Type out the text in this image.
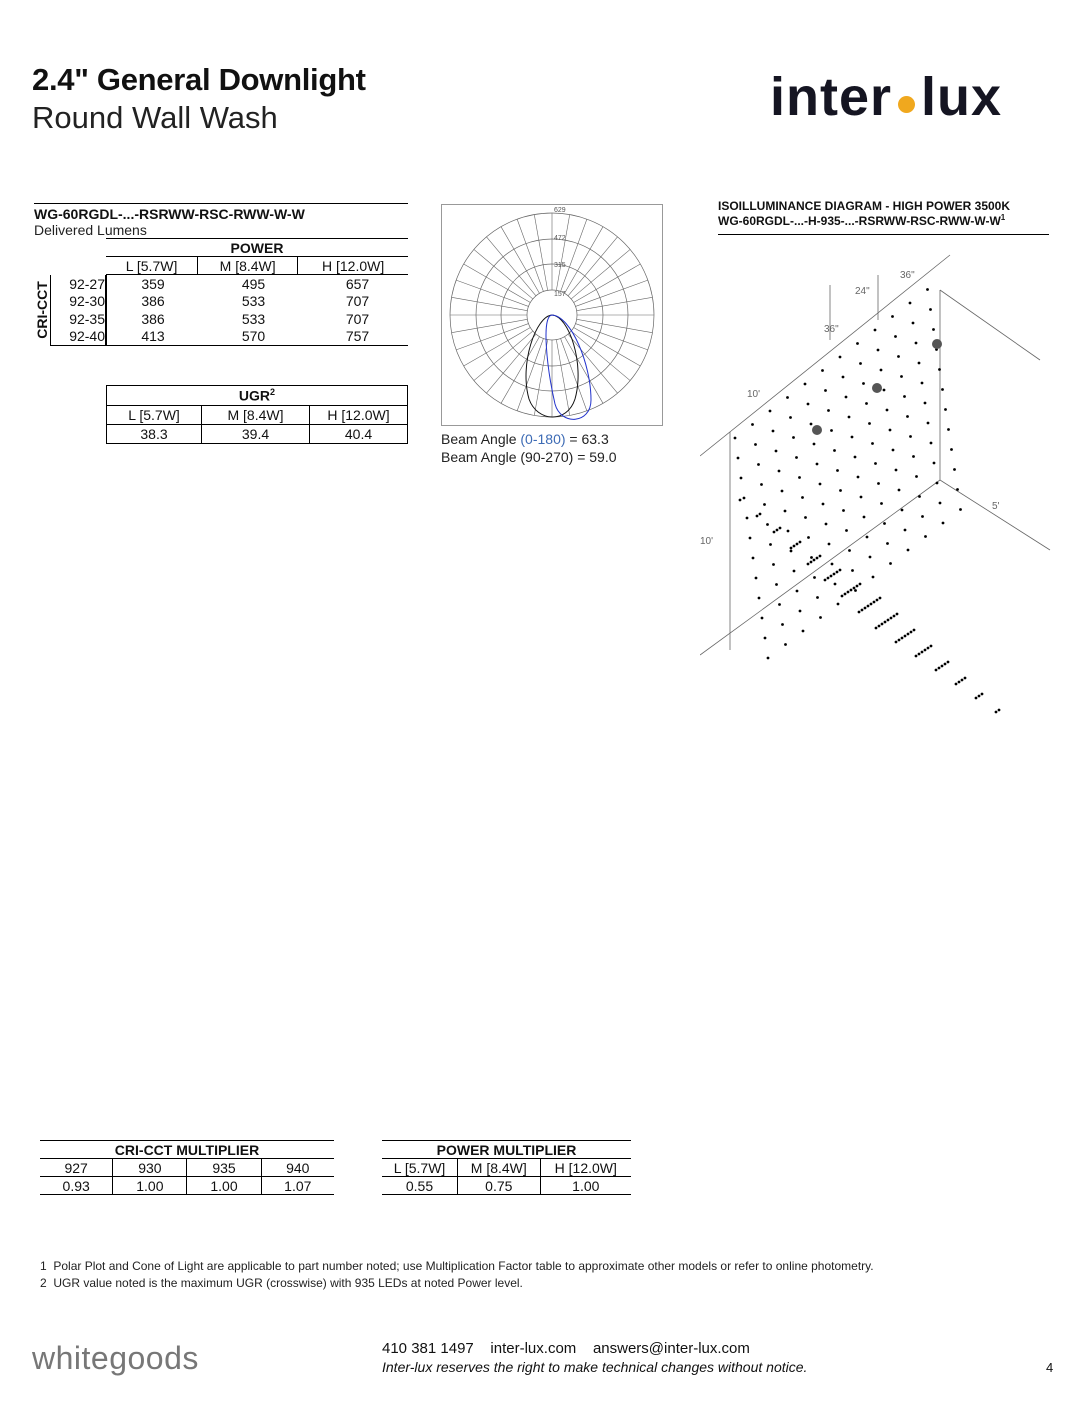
2.4" General Downlight
Round Wall Wash	inter lux
WG-60RGDL-...-RSRWW-RSC-RWW-W-W
Delivered Lumens
POWER
L [5.7W]	M [8.4W]	H [12.0W]
CRI-CCT 92-27	359	495	657
92-30	386	533	707
92-35	386	533	707
92-40	413	570	757
UGR$^2$
L [5.7W]	M [8.4W]	H [12.0W]
38.3	39.4	40.4
629
472
315
157
Beam Angle (0-180) = 63.3
Beam Angle (90-270) = 59.0
ISOILLUMINANCE DIAGRAM - HIGH POWER 3500K
$WG-60RGDL-...-H-935-...-RSRWW-RSC-RWW-W-W^1$
36"
24"
36"
10'
10'
5'
CRI-CCT MULTIPLIER			
927	930	935	940
0.93	1.00	1.00	1.07
POWER MULTIPLIER		
L [5.7W]	M [8.4W]	H [12.0W]
0.55	0.75	1.00
1 Polar Plot and Cone of Light are applicable to part number noted; use Multiplication Factor table to approximate other models or refer to online photometry.
2 UGR value noted is the maximum UGR (crosswise) with 935 LEDs at noted Power level.
whitegoods	410 381 1497    inter-lux.com    answers@inter-lux.com
Inter-lux reserves the right to make technical changes without notice.	4
